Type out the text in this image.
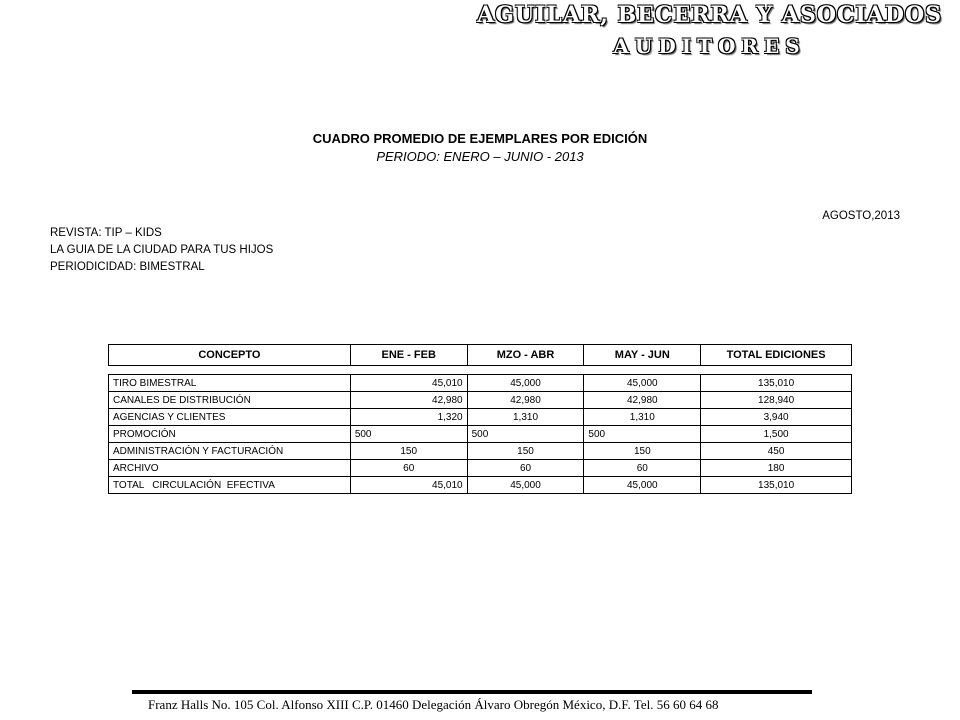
AGUILAR, BECERRA Y ASOCIADOS
AUDITORES
CUADRO PROMEDIO DE EJEMPLARES POR EDICIÓN
PERIODO: ENERO – JUNIO - 2013
AGOSTO,2013
REVISTA: TIP – KIDS
LA GUIA DE LA CIUDAD PARA TUS HIJOS
PERIODICIDAD: BIMESTRAL
CONCEPTO	ENE - FEB	MZO - ABR	MAY - JUN	TOTAL EDICIONES

TIRO BIMESTRAL	45,010	45,000	45,000	135,010
CANALES DE DISTRIBUCIÓN	42,980	42,980	42,980	128,940
AGENCIAS Y CLIENTES	1,320	1,310	1,310	3,940
PROMOCIÓN	500	500	500	1,500
ADMINISTRACIÓN Y FACTURACIÓN	150	150	150	450
ARCHIVO	60	60	60	180
TOTAL   CIRCULACIÓN  EFECTIVA	45,010	45,000	45,000	135,010
Franz Halls No. 105 Col. Alfonso XIII C.P. 01460 Delegación Álvaro Obregón México, D.F. Tel. 56 60 64 68
